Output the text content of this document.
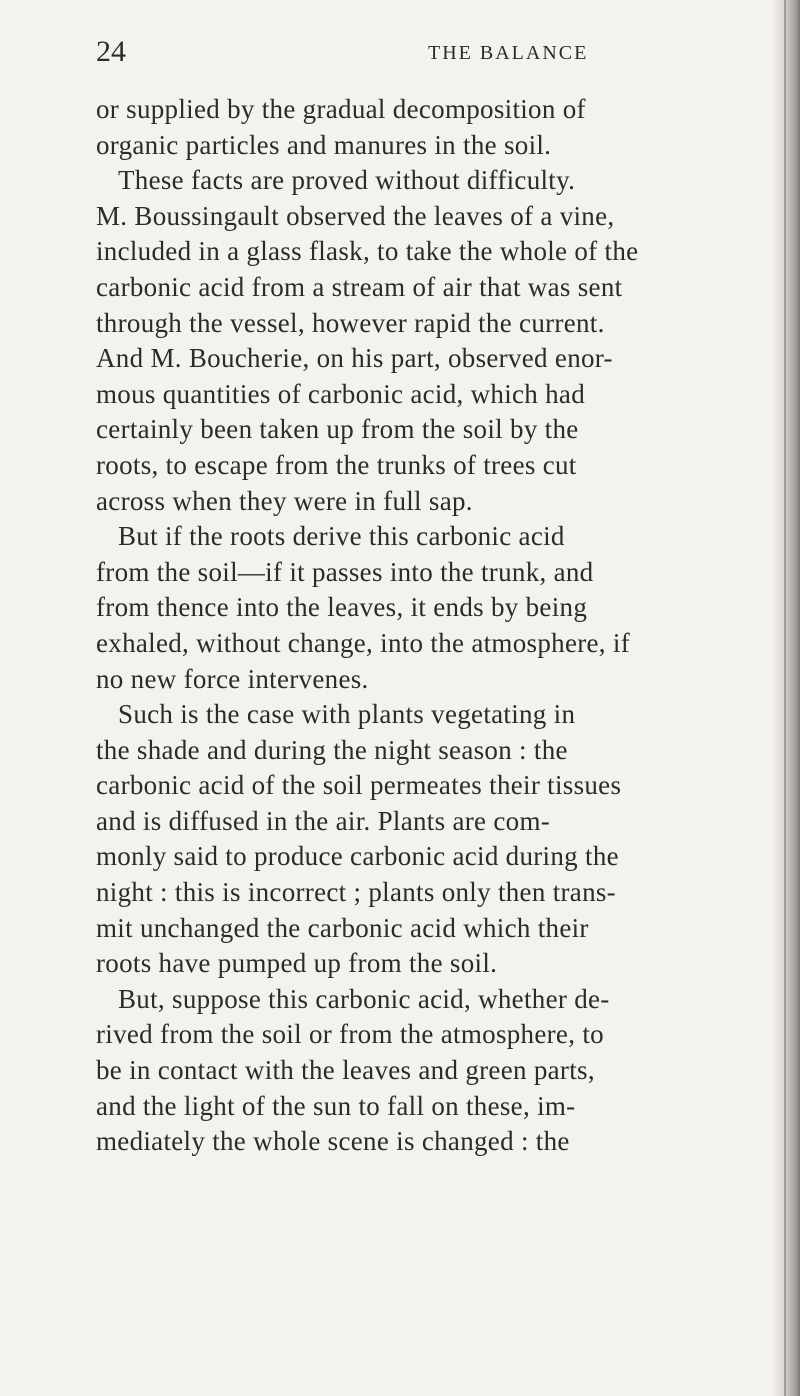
24	THE BALANCE
or supplied by the gradual decomposition of
organic particles and manures in the soil.
These facts are proved without difficulty.
M. Boussingault observed the leaves of a vine,
included in a glass flask, to take the whole of the
carbonic acid from a stream of air that was sent
through the vessel, however rapid the current.
And M. Boucherie, on his part, observed enor-
mous quantities of carbonic acid, which had
certainly been taken up from the soil by the
roots, to escape from the trunks of trees cut
across when they were in full sap.
But if the roots derive this carbonic acid
from the soil—if it passes into the trunk, and
from thence into the leaves, it ends by being
exhaled, without change, into the atmosphere, if
no new force intervenes.
Such is the case with plants vegetating in
the shade and during the night season : the
carbonic acid of the soil permeates their tissues
and is diffused in the air. Plants are com-
monly said to produce carbonic acid during the
night : this is incorrect ; plants only then trans-
mit unchanged the carbonic acid which their
roots have pumped up from the soil.
But, suppose this carbonic acid, whether de-
rived from the soil or from the atmosphere, to
be in contact with the leaves and green parts,
and the light of the sun to fall on these, im-
mediately the whole scene is changed : the
